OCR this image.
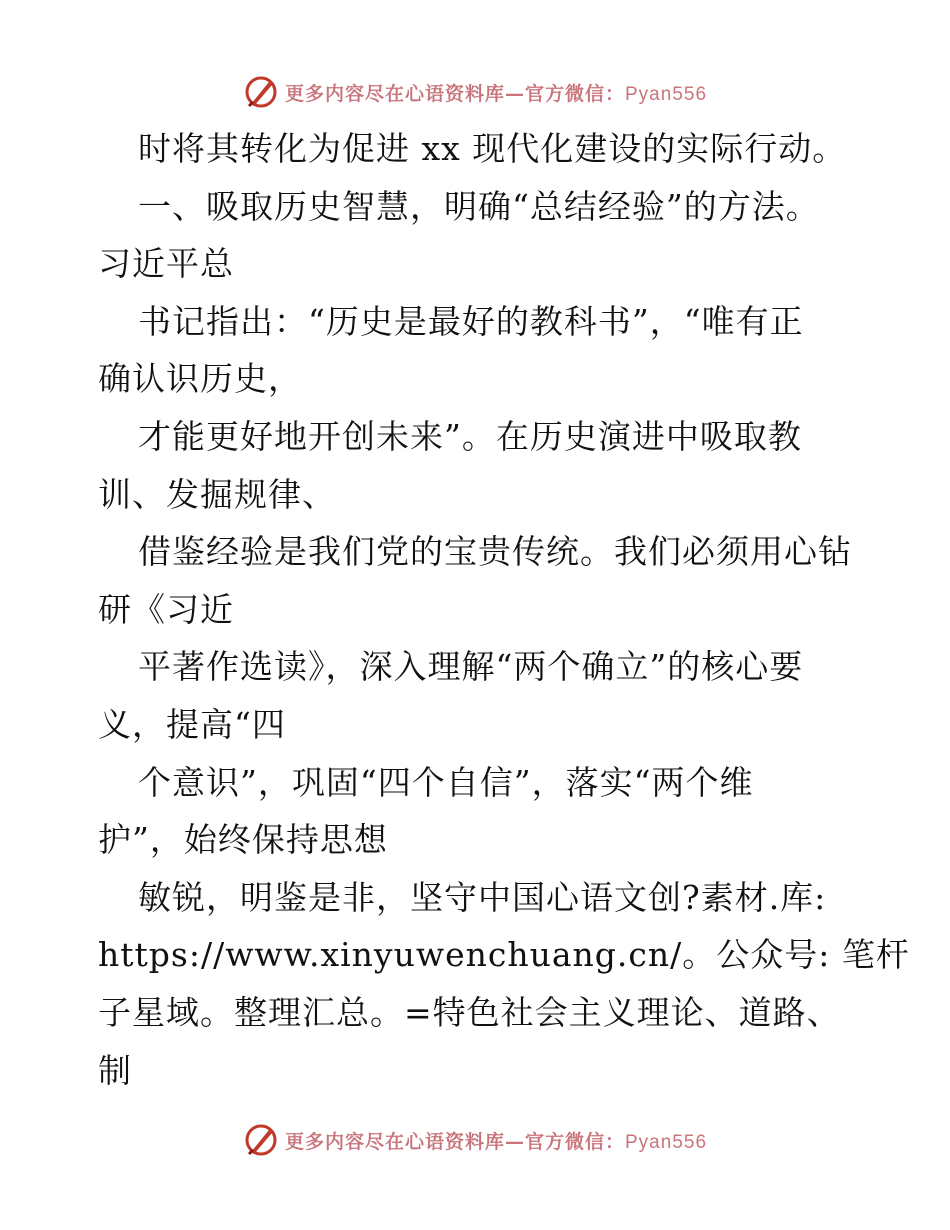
更多内容尽在心语资料库—官方微信：Pyan556
时将其转化为促进 xx 现代化建设的实际行动。
一、吸取历史智慧，明确“总结经验”的方法。
习近平总
书记指出：“历史是最好的教科书”，“唯有正
确认识历史，
才能更好地开创未来”。在历史演进中吸取教
训、发掘规律、
借鉴经验是我们党的宝贵传统。我们必须用心钻
研《习近
平著作选读》，深入理解“两个确立”的核心要
义，提高“四
个意识”，巩固“四个自信”，落实“两个维
护”，始终保持思想
敏锐，明鉴是非，坚守中国心语文创?素材.库:
https://www.xinyuwenchuang.cn/。公众号: 笔杆
子星域。整理汇总。=特色社会主义理论、道路、
制
更多内容尽在心语资料库—官方微信：Pyan556
